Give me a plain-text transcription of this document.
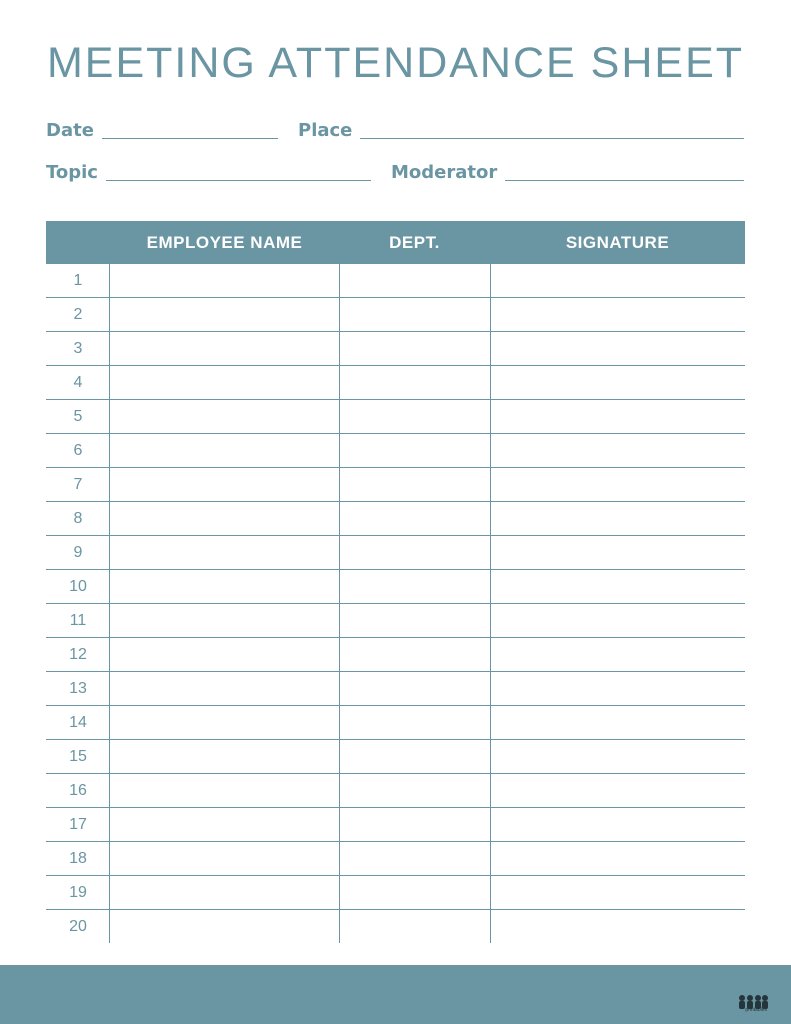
MEETING ATTENDANCE SHEET
Date	Place
Topic	Moderator
EMPLOYEE NAME	DEPT.	SIGNATURE
1
2
3
4
5
6
7
8
9
10
11
12
13
14
15
16
17
18
19
20
printables
